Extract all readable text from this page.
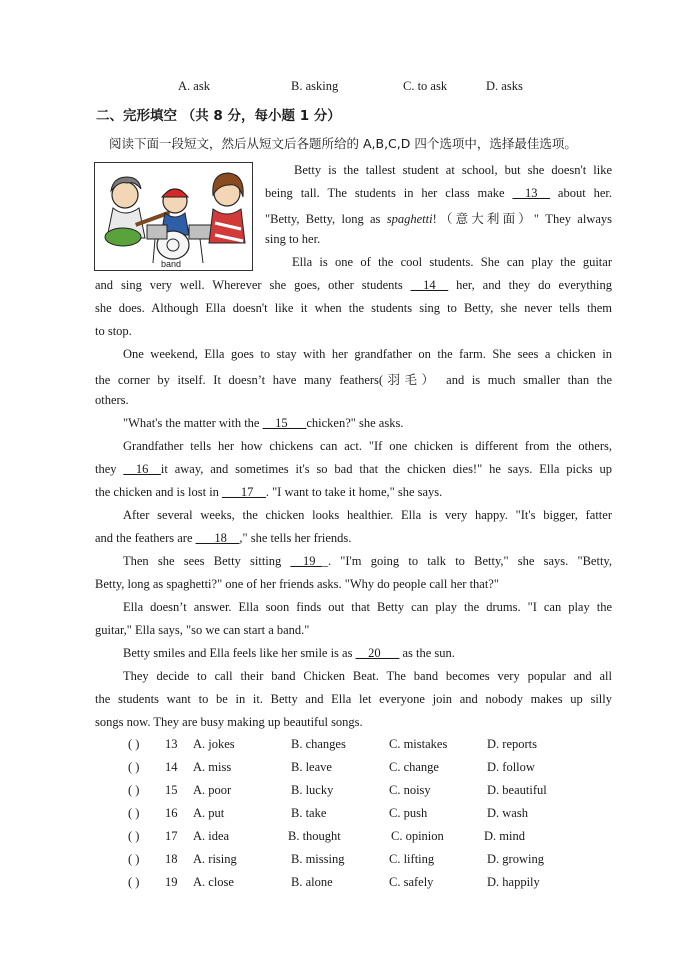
A. ask	B. asking	C. to ask	D. asks
二、完形填空 （共 8 分，每小题 1 分）
阅读下面一段短文，然后从短文后各题所给的 A,B,C,D 四个选项中，选择最佳选项。
band
Betty is the tallest student at school, but she doesn't like
being tall. The students in her class make __13__ about her.
"Betty, Betty, long as spaghetti!（意大利面）" They always
sing to her.
Ella is one of the cool students. She can play the guitar
and sing very well. Wherever she goes, other students __14__ her, and they do everything
she does. Although Ella doesn't like it when the students sing to Betty, she never tells them
to stop.
One weekend, Ella goes to stay with her grandfather on the farm. She sees a chicken in
the corner by itself. It doesn’t have many feathers(羽毛） and is much smaller than the
others.
"What's the matter with the __15___chicken?" she asks.
Grandfather tells her how chickens can act. "If one chicken is different from the others,
they __16__it away, and sometimes it's so bad that the chicken dies!" he says. Ella picks up
the chicken and is lost in ___17__. "I want to take it home," she says.
After several weeks, the chicken looks healthier. Ella is very happy. "It's bigger, fatter
and the feathers are ___18__," she tells her friends.
Then she sees Betty sitting __19__. "I'm going to talk to Betty," she says. "Betty,
Betty, long as spaghetti?" one of her friends asks. "Why do people call her that?"
Ella doesn’t answer. Ella soon finds out that Betty can play the drums. "I can play the
guitar," Ella says, "so we can start a band."
Betty smiles and Ella feels like her smile is as __20___ as the sun.
They decide to call their band Chicken Beat. The band becomes very popular and all
the students want to be in it. Betty and Ella let everyone join and nobody makes up silly
songs now. They are busy making up beautiful songs.
( ) 13 A. jokes	B. changes	C. mistakes	D. reports
( ) 14 A. miss	B. leave	C. change	D. follow
( ) 15 A. poor	B. lucky	C. noisy	D. beautiful
( ) 16 A. put	B. take	C. push	D. wash
( ) 17 A. idea	B. thought	C. opinion	D. mind
( ) 18 A. rising	B. missing	C. lifting	D. growing
( ) 19 A. close	B. alone	C. safely	D. happily
